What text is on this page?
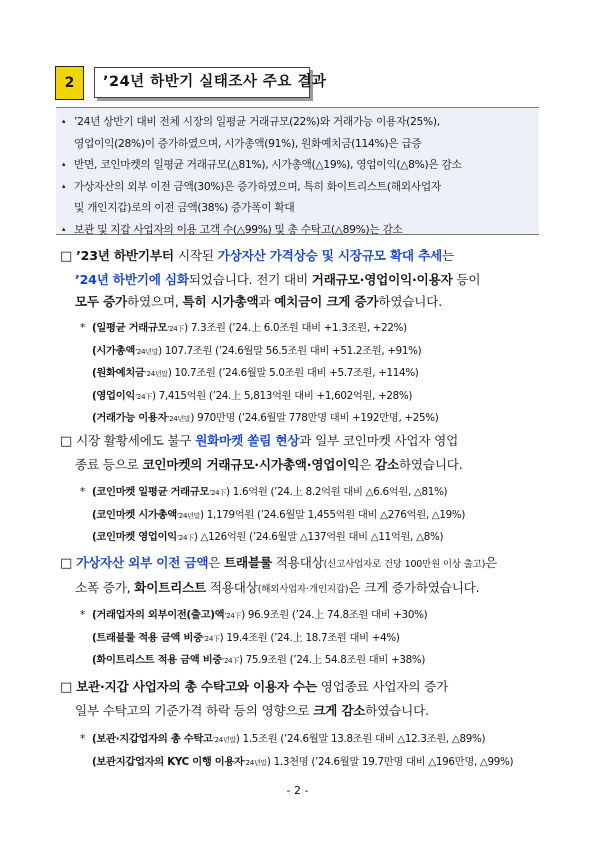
2	’24년 하반기 실태조사 주요 결과
▴ ’24년 상반기 대비 전체 시장의 일평균 거래규모(22%)와 거래가능 이용자(25%),
영업이익(28%)이 증가하였으며, 시가총액(91%), 원화예치금(114%)은 급증
▴ 반면, 코인마켓의 일평균 거래규모(△81%), 시가총액(△19%), 영업이익(△8%)은 감소
▴ 가상자산의 외부 이전 금액(30%)은 증가하였으며, 특히 화이트리스트(해외사업자
및 개인지갑)로의 이전 금액(38%) 증가폭이 확대
▴ 보관 및 지갑 사업자의 이용 고객 수(△99%) 및 총 수탁고(△89%)는 감소
□ ’23년 하반기부터 시작된 가상자산 가격상승 및 시장규모 확대 추세는
’24년 하반기에 심화되었습니다. 전기 대비 거래규모·영업이익·이용자 등이
모두 증가하였으며, 특히 시가총액과 예치금이 크게 증가하였습니다.
* (일평균 거래규모’24下) 7.3조원 (’24.上 6.0조원 대비 +1.3조원, +22%)
(시가총액’24년말) 107.7조원 (’24.6월말 56.5조원 대비 +51.2조원, +91%)
(원화예치금’24년말) 10.7조원 (’24.6월말 5.0조원 대비 +5.7조원, +114%)
(영업이익’24下) 7,415억원 (’24.上 5,813억원 대비 +1,602억원, +28%)
(거래가능 이용자’24년말) 970만명 (’24.6월말 778만명 대비 +192만명, +25%)
□ 시장 활황세에도 불구 원화마켓 쏠림 현상과 일부 코인마켓 사업자 영업
종료 등으로 코인마켓의 거래규모·시가총액·영업이익은 감소하였습니다.
* (코인마켓 일평균 거래규모’24下) 1.6억원 (’24.上 8.2억원 대비 △6.6억원, △81%)
(코인마켓 시가총액’24년말) 1,179억원 (’24.6월말 1,455억원 대비 △276억원, △19%)
(코인마켓 영업이익’24下) △126억원 (’24.6월말 △137억원 대비 △11억원, △8%)
□ 가상자산 외부 이전 금액은 트래블룰 적용대상(신고사업자로 건당 100만원 이상 출고)은
소폭 증가, 화이트리스트 적용대상(해외사업자·개인지갑)은 크게 증가하였습니다.
* (거래업자의 외부이전(출고)액’24下) 96.9조원 (’24.上 74.8조원 대비 +30%)
(트래블룰 적용 금액 비중’24下) 19.4조원 (’24.上 18.7조원 대비 +4%)
(화이트리스트 적용 금액 비중’24下) 75.9조원 (’24.上 54.8조원 대비 +38%)
□ 보관·지갑 사업자의 총 수탁고와 이용자 수는 영업종료 사업자의 증가
일부 수탁고의 기준가격 하락 등의 영향으로 크게 감소하였습니다.
* (보관·지갑업자의 총 수탁고’24년말) 1.5조원 (’24.6월말 13.8조원 대비 △12.3조원, △89%)
(보관지갑업자의 KYC 이행 이용자’24년말) 1.3천명 (’24.6월말 19.7만명 대비 △196만명, △99%)
- 2 -
